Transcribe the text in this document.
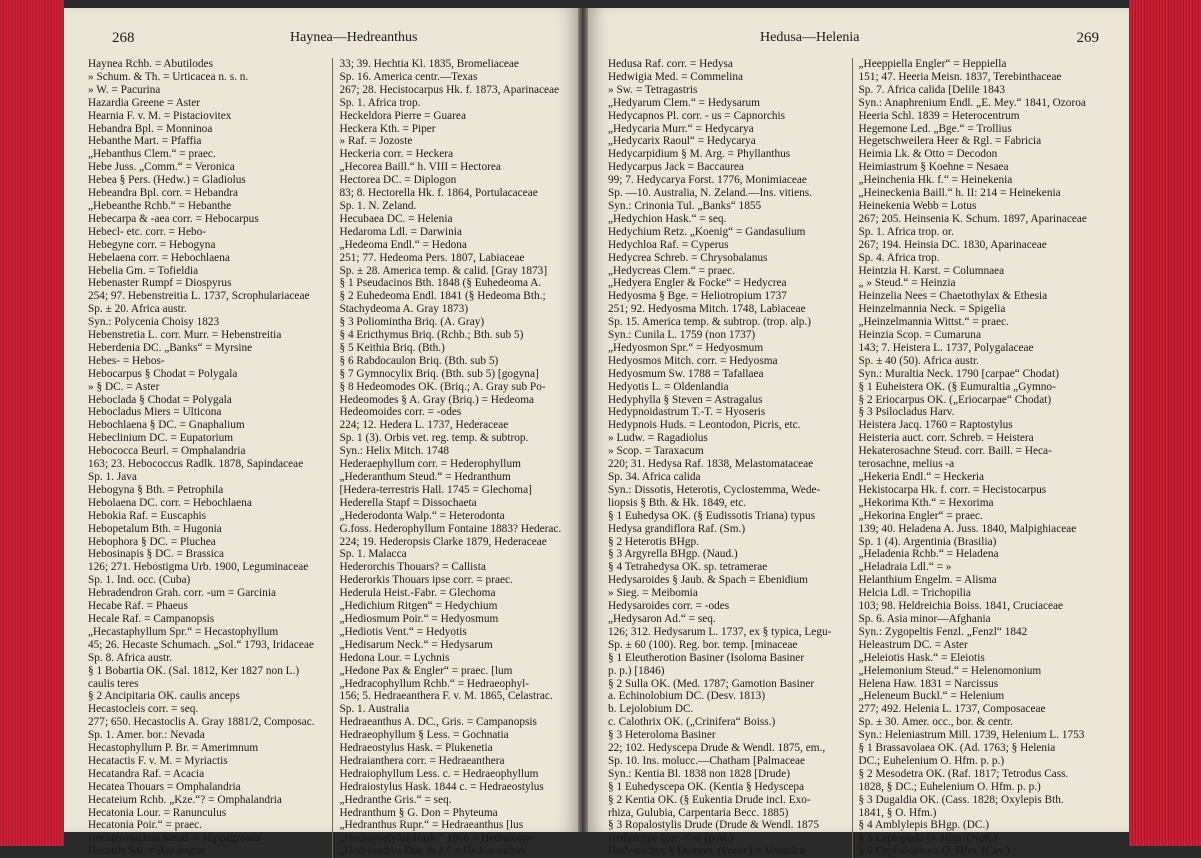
268	Haynea—Hedreanthus
Haynea Rchb. = Abutilodes
» Schum. & Th. = Urticacea n. s. n.
» W. = Pacurina
Hazardia Greene = Aster
Hearnia F. v. M. = Pistaciovitex
Hebandra Bpl. = Monninoa
Hebanthe Mart. = Pfaffia
„Hebanthus Clem.“ = praec.
Hebe Juss. „Comm.“ = Veronica
Hebea § Pers. (Hedw.) = Gladiolus
Hebeandra Bpl. corr. = Hebandra
„Hebeanthe Rchb.“ = Hebanthe
Hebecarpa & -aea corr. = Hebocarpus
Hebecl- etc. corr. = Hebo-
Hebegyne corr. = Hebogyna
Hebelaena corr. = Hebochlaena
Hebelia Gm. = Tofieldia
Hebenaster Rumpf = Diospyrus
254; 97. Hebenstreitia L. 1737, Scrophulariaceae
Sp. ± 20. Africa austr.
Syn.: Polycenia Choisy 1823
Hebenstretia L. corr. Murr. = Hebenstreitia
Heberdenia DC. „Banks“ = Myrsine
Hebes- = Hebos-
Hebocarpus § Chodat = Polygala
» § DC. = Aster
Heboclada § Chodat = Polygala
Hebocladus Miers = Ulticona
Hebochlaena § DC. = Gnaphalium
Hebeclinium DC. = Eupatorium
Hebococca Beurl. = Omphalandria
163; 23. Hebococcus Radlk. 1878, Sapindaceae
Sp. 1. Java
Hebogyna § Bth. = Petrophila
Hebolaena DC. corr. = Hebochlaena
Hebokia Raf. = Euscaphis
Hebopetalum Bth. = Hugonia
Hebophora § DC. = Pluchea
Hebosinapis § DC. = Brassica
126; 271. Hebostigma Urb. 1900, Leguminaceae
Sp. 1. Ind. occ. (Cuba)
Hebradendron Grah. corr. -um = Garcinia
Hecabe Raf. = Phaeus
Hecale Raf. = Campanopsis
„Hecastaphyllum Spr.“ = Hecastophyllum
45; 26. Hecaste Schumach. „Sol.“ 1793, Iridaceae
Sp. 8. Africa austr.
§ 1 Bobartia OK. (Sal. 1812, Ker 1827 non L.)
caulis teres
§ 2 Ancipitaria OK. caulis anceps
Hecastocleis corr. = seq.
277; 650. Hecastoclis A. Gray 1881/2, Composac.
Sp. 1. Amer. bor.: Nevada
Hecastophyllum P. Br. = Amerimnum
Hecatactis F. v. M. = Myriactis
Hecatandra Raf. = Acacia
Hecatea Thouars = Omphalandria
Hecateium Rchb. „Kze.“? = Omphalandria
Hecatonia Lour. = Ranunculus
Hecatonia Poir.“ = praec.
Hecaterosachna Steud. = Hippagrostis
Hecatris Sal. = Asparagus
33; 39. Hechtia Kl. 1835, Bromeliaceae
Sp. 16. America centr.—Texas
267; 28. Hecistocarpus Hk. f. 1873, Aparinaceae
Sp. 1. Africa trop.
Heckeldora Pierre = Guarea
Heckera Kth. = Piper
» Raf. = Jozoste
Heckeria corr. = Heckera
„Hecorea Baill.“ h. VIII = Hectorea
Hectorea DC. = Diplogon
83; 8. Hectorella Hk. f. 1864, Portulacaceae
Sp. 1. N. Zeland.
Hecubaea DC. = Helenia
Hedaroma Ldl. = Darwinia
„Hedeoma Endl.“ = Hedona
251; 77. Hedeoma Pers. 1807, Labiaceae
Sp. ± 28. America temp. & calid. [Gray 1873]
§ 1 Pseudacinos Bth. 1848 (§ Euhedeoma A.
§ 2 Euhedeoma Endl. 1841 (§ Hedeoma Bth.;
Stachydeoma A. Gray 1873)
§ 3 Poliomintha Briq. (A. Gray)
§ 4 Ericthymus Briq. (Rchb.; Bth. sub 5)
§ 5 Keithia Briq. (Bth.)
§ 6 Rabdocaulon Briq. (Bth. sub 5)
§ 7 Gymnocylix Briq. (Bth. sub 5) [gogyna]
§ 8 Hedeomodes OK. (Briq.; A. Gray sub Po-
Hedeomodes § A. Gray (Briq.) = Hedeoma
Hedeomoides corr. = -odes
224; 12. Hedera L. 1737, Hederaceae
Sp. 1 (3). Orbis vet. reg. temp. & subtrop.
Syn.: Helix Mitch. 1748
Hederaephyllum corr. = Hederophyllum
„Hederanthum Steud.“ = Hedranthum
[Hedera-terrestris Hall. 1745 = Glechoma]
Hederella Stapf = Dissochaeta
„Hederodonta Walp.“ = Heterodonta
G.foss. Hederophyllum Fontaine 1883? Hederac.
224; 19. Hederopsis Clarke 1879, Hederaceae
Sp. 1. Malacca
Hederorchis Thouars? = Callista
Hederorkis Thouars ipse corr. = praec.
Hederula Heist.-Fabr. = Glechoma
„Hedichium Ritgen“ = Hedychium
„Hediosmum Poir.“ = Hedyosmum
„Hediotis Vent.“ = Hedyotis
„Hedisarum Neck.“ = Hedysarum
Hedona Lour. = Lychnis
„Hedone Pax & Engler“ = praec. [lum
„Hedracophyllum Rchb.“ = Hedraeophyl-
156; 5. Hedraeanthera F. v. M. 1865, Celastrac.
Sp. 1. Australia
Hedraeanthus A. DC., Gris. = Campanopsis
Hedraeophyllum § Less. = Gochnatia
Hedraeostylus Hask. = Plukenetia
Hedraianthera corr. = Hedraeanthera
Hedraiophyllum Less. c. = Hedraeophyllum
Hedraiostylus Hask. 1844 c. = Hedraeostylus
„Hedranthe Gris.“ = seq.
Hedranthum § G. Don = Phyteuma
„Hedranthus Rupr.“ = Hedraeanthus [lus
„Hedrayostylus Hask.“ 1866 = Hedraiosty-
„Hedreanthus Dur. & J.“ = Hedraeanthus
Hedusa—Helenia	269
Hedusa Raf. corr. = Hedysa
Hedwigia Med. = Commelina
» Sw. = Tetragastris
„Hedyarum Clem.“ = Hedysarum
Hedycapnos Pl. corr. - us = Capnorchis
„Hedycaria Murr.“ = Hedycarya
„Hedycarix Raoul“ = Hedycarya
Hedycarpidium § M. Arg. = Phyllanthus
Hedycarpus Jack = Baccaurea
99; 7. Hedycarya Forst. 1776, Monimiaceae
Sp. —10. Australia, N. Zeland.—Ins. vitiens.
Syn.: Crinonia Tul. „Banks“ 1855
„Hedychion Hask.“ = seq.
Hedychium Retz. „Koenig“ = Gandasulium
Hedychloa Raf. = Cyperus
Hedycrea Schreb. = Chrysobalanus
„Hedycreas Clem.“ = praec.
„Hedyera Engler & Focke“ = Hedycrea
Hedyosma § Bge. = Heliotropium 1737
251; 92. Hedyosma Mitch. 1748, Labiaceae
Sp. 15. America temp. & subtrop. (trop. alp.)
Syn.: Cunila L. 1759 (non 1737)
„Hedyosmon Spr.“ = Hedyosmum
Hedyosmos Mitch. corr. = Hedyosma
Hedyosmum Sw. 1788 = Tafallaea
Hedyotis L. = Oldenlandia
Hedyphylla § Steven = Astragalus
Hedypnoidastrum T.-T. = Hyoseris
Hedypnois Huds. = Leontodon, Picris, etc.
» Ludw. = Ragadiolus
» Scop. = Taraxacum
220; 31. Hedysa Raf. 1838, Melastomataceae
Sp. 34. Africa calida
Syn.: Dissotis, Heterotis, Cyclostemma, Wede-
liopsis § Bth. & Hk. 1849, etc.
§ 1 Euhedysa OK. (§ Eudissotis Triana) typus
Hedysa grandiflora Raf. (Sm.)
§ 2 Heterotis BHgp.
§ 3 Argyrella BHgp. (Naud.)
§ 4 Tetrahedysa OK. sp. tetramerae
Hedysaroides § Jaub. & Spach = Ebenidium
» Sieg. = Meibomia
Hedysaroides corr. = -odes
„Hedysaron Ad.“ = seq.
126; 312. Hedysarum L. 1737, ex § typica, Legu-
Sp. ± 60 (100). Reg. bor. temp. [minaceae
§ 1 Eleutherotion Basiner (Isoloma Basiner
p. p.) [1846)
§ 2 Sulla OK. (Med. 1787; Gamotion Basiner
a. Echinolobium DC. (Desv. 1813)
b. Lejolobium DC.
c. Calothrix OK. („Crinifera“ Boiss.)
§ 3 Heteroloma Basiner
22; 102. Hedyscepa Drude & Wendl. 1875, em.,
Sp. 10. Ins. molucc.—Chatham [Palmaceae
Syn.: Kentia Bl. 1838 non 1828 [Drude)
§ 1 Euhedyscepa OK. (Kentia § Hedyscepa
§ 2 Kentia OK. (§ Eukentia Drude incl. Exo-
rhiza, Gulubia, Carpentaria Becc. 1885)
§ 3 Ropalostylis Drude (Drude & Wendl. 1875
Hedyscepe corr. = -a [post.)
Hedystachys § Dumort. (Fourr.) = Veronica
„Heeppiella Engler“ = Heppiella
151; 47. Heeria Meisn. 1837, Terebinthaceae
Sp. 7. Africa calida [Delile 1843
Syn.: Anaphrenium Endl. „E. Mey.“ 1841, Ozoroa
Heeria Schl. 1839 = Heterocentrum
Hegemone Led. „Bge.“ = Trollius
Hegetschweilera Heer & Rgl. = Fabricia
Heimia Lk. & Otto = Decodon
Heimiastrum § Koehne = Nesaea
„Heinchenia Hk. f.“ = Heinekenia
„Heineckenia Baill.“ h. II: 214 = Heinekenia
Heinekenia Webb = Lotus
267; 205. Heinsenia K. Schum. 1897, Aparinaceae
Sp. 1. Africa trop. or.
267; 194. Heinsia DC. 1830, Aparinaceae
Sp. 4. Africa trop.
Heintzia H. Karst. = Columnaea
„ » Steud.“ = Heinzia
Heinzelia Nees = Chaetothylax & Ethesia
Heinzelmannia Neck. = Spigelia
„Heinzelmannia Wittst.“ = praec.
Heinzia Scop. = Cumaruna
143; 7. Heistera L. 1737, Polygalaceae
Sp. ± 40 (50). Africa austr.
Syn.: Muraltia Neck. 1790 [carpae“ Chodat)
§ 1 Euheistera OK. (§ Eumuraltia „Gymno-
§ 2 Eriocarpus OK. („Eriocarpae“ Chodat)
§ 3 Psilocladus Harv.
Heistera Jacq. 1760 = Raptostylus
Heisteria auct. corr. Schreb. = Heistera
Hekaterosachne Steud. corr. Baill. = Heca-
terosachne, melius -a
„Hekeria Endl.“ = Heckeria
Hekistocarpa Hk. f. corr. = Hecistocarpus
„Hekorima Kth.“ = Hexorima
„Hekorina Engler“ = praec.
139; 40. Heladena A. Juss. 1840, Malpighiaceae
Sp. 1 (4). Argentinia (Brasilia)
„Heladenia Rchb.“ = Heladena
„Heladraia Ldl.“ = »
Helanthium Engelm. = Alisma
Helcia Ldl. = Trichopilia
103; 98. Heldreichia Boiss. 1841, Cruciaceae
Sp. 6. Asia minor—Afghania
Syn.: Zygopeltis Fenzl. „Fenzl“ 1842
Heleastrum DC. = Aster
„Heleiotis Hask.“ = Eleiotis
„Helemonium Steud.“ = Helenomonium
Helena Haw. 1831 = Narcissus
„Heleneum Buckl.“ = Helenium
277; 492. Helenia L. 1737, Composaceae
Sp. ± 30. Amer. occ., bor. & centr.
Syn.: Heleniastrum Mill. 1739, Helenium L. 1753
§ 1 Brassavolaea OK. (Ad. 1763; § Helenia
DC.; Euhelenium O. Hfm. p. p.)
§ 2 Mesodetra OK. (Raf. 1817; Tetrodus Cass.
1828, § DC.; Euhelenium O. Hfm. p. p.)
§ 3 Dugaldia OK. (Cass. 1828; Oxylepis Bth.
1841, § O. Hfm.)
§ 4 Amblylepis BHgp. (DC.)
§ 5 Leptopoda O. Hfm. (Nutt.)
§ 6 Cephalophora O. Hfm. (Cav.)
